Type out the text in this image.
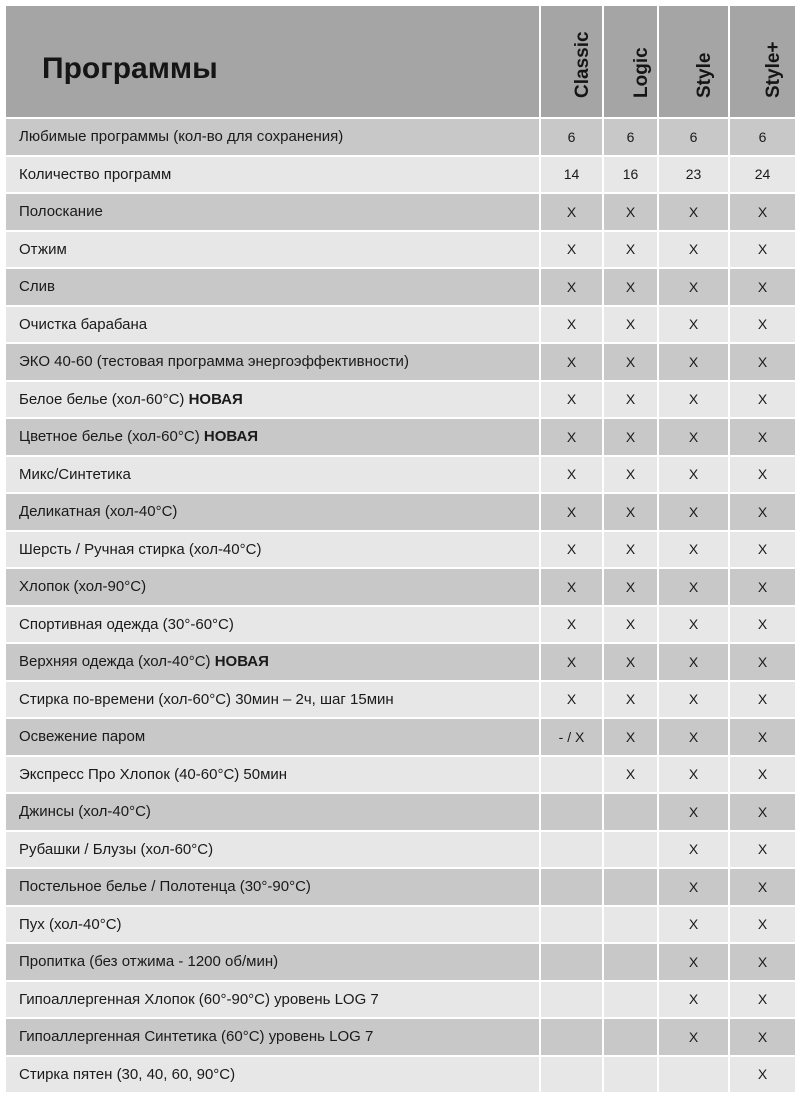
Программы	Classic	Logic	Style	Style+

Любимые программы (кол-во для сохранения)	6	6	6	6
Количество программ	14	16	23	24
Полоскание	X	X	X	X
Отжим	X	X	X	X
Слив	X	X	X	X
Очистка барабана	X	X	X	X
ЭКО 40-60 (тестовая программа энергоэффективности)	X	X	X	X
Белое белье (хол-60°C) НОВАЯ	X	X	X	X
Цветное белье (хол-60°C) НОВАЯ	X	X	X	X
Микс/Синтетика	X	X	X	X
Деликатная (хол-40°C)	X	X	X	X
Шерсть / Ручная стирка (хол-40°C)	X	X	X	X
Хлопок (хол-90°C)	X	X	X	X
Спортивная одежда (30°-60°C)	X	X	X	X
Верхняя одежда (хол-40°C) НОВАЯ	X	X	X	X
Стирка по-времени (хол-60°C) 30мин – 2ч, шаг 15мин	X	X	X	X
Освежение паром	- / X	X	X	X
Экспресс Про Хлопок (40-60°C) 50мин		X	X	X
Джинсы (хол-40°C)			X	X
Рубашки / Блузы (хол-60°C)			X	X
Постельное белье / Полотенца (30°-90°C)			X	X
Пух (хол-40°C)			X	X
Пропитка (без отжима - 1200 об/мин)			X	X
Гипоаллергенная Хлопок (60°-90°C) уровень LOG 7			X	X
Гипоаллергенная Синтетика (60°C) уровень LOG 7			X	X
Стирка пятен (30, 40, 60, 90°C)				X
